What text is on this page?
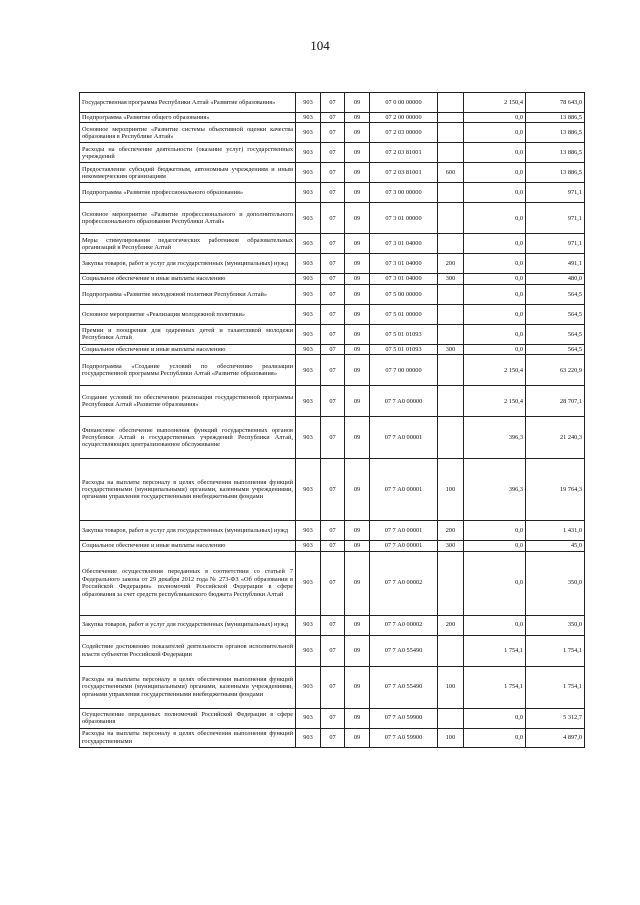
104
Государственная программа Республики Алтай «Развитие образования»	903	07	09	07 0 00 00000		2 150,4	78 643,0
Подпрограмма «Развитие общего образования»	903	07	09	07 2 00 00000		0,0	13 886,5
Основное мероприятие «Развитие системы объективной оценки качества образования в Республике Алтай»	903	07	09	07 2 03 00000		0,0	13 886,5
Расходы на обеспечение деятельности (оказание услуг) государственных учреждений	903	07	09	07 2 03 81001		0,0	13 886,5
Предоставление субсидий бюджетным, автономным учреждениям и иным некоммерческим организациям	903	07	09	07 2 03 81001	600	0,0	13 886,5
Подпрограмма «Развитие профессионального образования»	903	07	09	07 3 00 00000		0,0	971,1
Основное мероприятие «Развитие профессионального и дополнительного профессионального образования Республики Алтай»	903	07	09	07 3 01 00000		0,0	971,1
Меры стимулирования педагогических работников образовательных организаций в Республике Алтай	903	07	09	07 3 01 04000		0,0	971,1
Закупка товаров, работ и услуг для государственных (муниципальных) нужд	903	07	09	07 3 01 04000	200	0,0	491,1
Социальное обеспечение и иные выплаты населению	903	07	09	07 3 01 04000	300	0,0	480,0
Подпрограмма «Развитие молодежной политики Республики Алтай»	903	07	09	07 5 00 00000		0,0	564,5
Основное мероприятие «Реализация молодежной политики»	903	07	09	07 5 01 00000		0,0	564,5
Премии и поощрения для одаренных детей и талантливой молодежи Республики Алтай	903	07	09	07 5 01 01093		0,0	564,5
Социальное обеспечение и иные выплаты населению	903	07	09	07 5 01 01093	300	0,0	564,5
Подпрограмма «Создание условий по обеспечению реализации государственной программы Республики Алтай «Развитие образования»	903	07	09	07 7 00 00000		2 150,4	63 220,9
Создание условий по обеспечению реализации государственной программы Республики Алтай «Развитие образования»	903	07	09	07 7 А0 00000		2 150,4	28 707,1
Финансовое обеспечение выполнения функций государственных органов Республики Алтай и государственных учреждений Республики Алтай, осуществляющих централизованное обслуживание	903	07	09	07 7 А0 00001		396,3	21 240,3
Расходы на выплаты персоналу в целях обеспечения выполнения функций государственными (муниципальными) органами, казенными учреждениями, органами управления государственными внебюджетными фондами	903	07	09	07 7 А0 00001	100	396,3	19 764,3
Закупка товаров, работ и услуг для государственных (муниципальных) нужд	903	07	09	07 7 А0 00001	200	0,0	1 431,0
Социальное обеспечение и иные выплаты населению	903	07	09	07 7 А0 00001	300	0,0	45,0
Обеспечение осуществления переданных в соответствии со статьей 7 Федерального закона от 29 декабря 2012 года № 273-ФЗ «Об образовании в Российской Федерации» полномочий Российской Федерации в сфере образования за счет средств республиканского бюджета Республики Алтай	903	07	09	07 7 А0 00002		0,0	350,0
Закупка товаров, работ и услуг для государственных (муниципальных) нужд	903	07	09	07 7 А0 00002	200	0,0	350,0
Содействие достижению показателей деятельности органов исполнительной власти субъектов Российской Федерации	903	07	09	07 7 А0 55490		1 754,1	1 754,1
Расходы на выплаты персоналу в целях обеспечения выполнения функций государственными (муниципальными) органами, казенными учреждениями, органами управления государственными внебюджетными фондами	903	07	09	07 7 А0 55490	100	1 754,1	1 754,1
Осуществление переданных полномочий Российской Федерации в сфере образования	903	07	09	07 7 А0 59900		0,0	5 312,7
Расходы на выплаты персоналу в целях обеспечения выполнения функций государственными	903	07	09	07 7 А0 59900	100	0,0	4 897,0
